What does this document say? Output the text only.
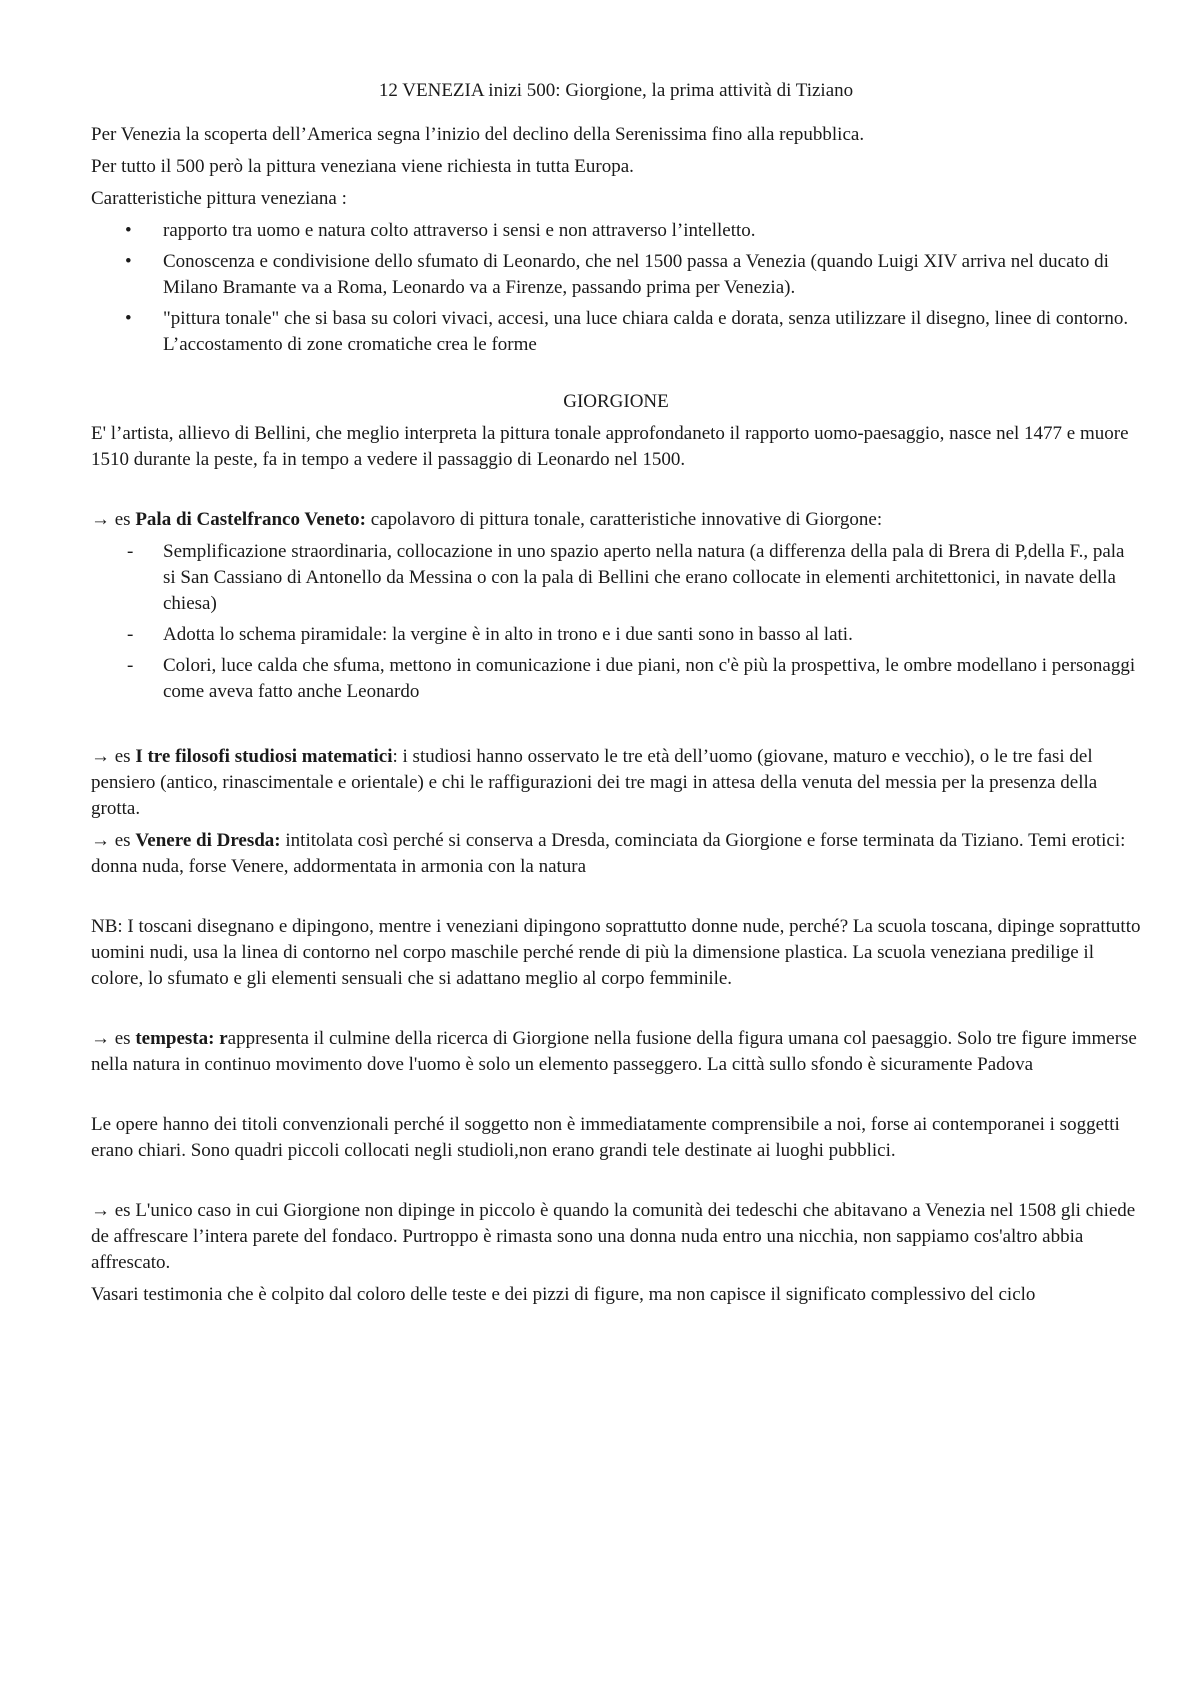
12 VENEZIA inizi 500: Giorgione, la prima attività di Tiziano

Per Venezia la scoperta dell’America segna l’inizio del declino della Serenissima fino alla repubblica.

Per tutto il 500 però la pittura veneziana viene richiesta in tutta Europa.

Caratteristiche pittura veneziana :

• rapporto tra uomo e natura colto attraverso i sensi e non attraverso l’intelletto.
• Conoscenza e condivisione dello sfumato di Leonardo, che nel 1500 passa a Venezia (quando Luigi XIV arriva nel ducato di Milano Bramante va a Roma, Leonardo va a Firenze, passando prima per Venezia).
• "pittura tonale" che si basa su colori vivaci, accesi, una luce chiara calda e dorata, senza utilizzare il disegno, linee di contorno. L’accostamento di zone cromatiche crea le forme

GIORGIONE

E' l’artista, allievo di Bellini, che meglio interpreta la pittura tonale approfondaneto il rapporto uomo-paesaggio, nasce nel 1477 e muore 1510 durante la peste, fa in tempo a vedere il passaggio di Leonardo nel 1500.

→ es Pala di Castelfranco Veneto: capolavoro di pittura tonale, caratteristiche innovative di Giorgone:

- Semplificazione straordinaria, collocazione in uno spazio aperto nella natura (a differenza della pala di Brera di P,della F., pala si San Cassiano di Antonello da Messina o con la pala di Bellini che erano collocate in elementi architettonici, in navate della chiesa)
- Adotta lo schema piramidale: la vergine è in alto in trono e i due santi sono in basso al lati.
- Colori, luce calda che sfuma, mettono in comunicazione i due piani, non c'è più la prospettiva, le ombre modellano i personaggi come aveva fatto anche Leonardo

→ es I tre filosofi studiosi matematici: i studiosi hanno osservato le tre età dell’uomo (giovane, maturo e vecchio), o le tre fasi del pensiero (antico, rinascimentale e orientale) e chi le raffigurazioni dei tre magi in attesa della venuta del messia per la presenza della grotta.

→ es Venere di Dresda: intitolata così perché si conserva a Dresda, cominciata da Giorgione e forse terminata da Tiziano. Temi erotici: donna nuda, forse Venere, addormentata in armonia con la natura

NB: I toscani disegnano e dipingono, mentre i veneziani dipingono soprattutto donne nude, perché? La scuola toscana, dipinge soprattutto uomini nudi, usa la linea di contorno nel corpo maschile perché rende di più la dimensione plastica. La scuola veneziana predilige il colore, lo sfumato e gli elementi sensuali che si adattano meglio al corpo femminile.

→ es tempesta: rappresenta il culmine della ricerca di Giorgione nella fusione della figura umana col paesaggio. Solo tre figure immerse nella natura in continuo movimento dove l'uomo è solo un elemento passeggero. La città sullo sfondo è sicuramente Padova

Le opere hanno dei titoli convenzionali perché il soggetto non è immediatamente comprensibile a noi, forse ai contemporanei i soggetti erano chiari. Sono quadri piccoli collocati negli studioli,non erano grandi tele destinate ai luoghi pubblici.

→ es L'unico caso in cui Giorgione non dipinge in piccolo è quando la comunità dei tedeschi che abitavano a Venezia nel 1508 gli chiede de affrescare l’intera parete del fondaco. Purtroppo è rimasta sono una donna nuda entro una nicchia, non sappiamo cos'altro abbia affrescato.

Vasari testimonia che è colpito dal coloro delle teste e dei pizzi di figure, ma non capisce il significato complessivo del ciclo
